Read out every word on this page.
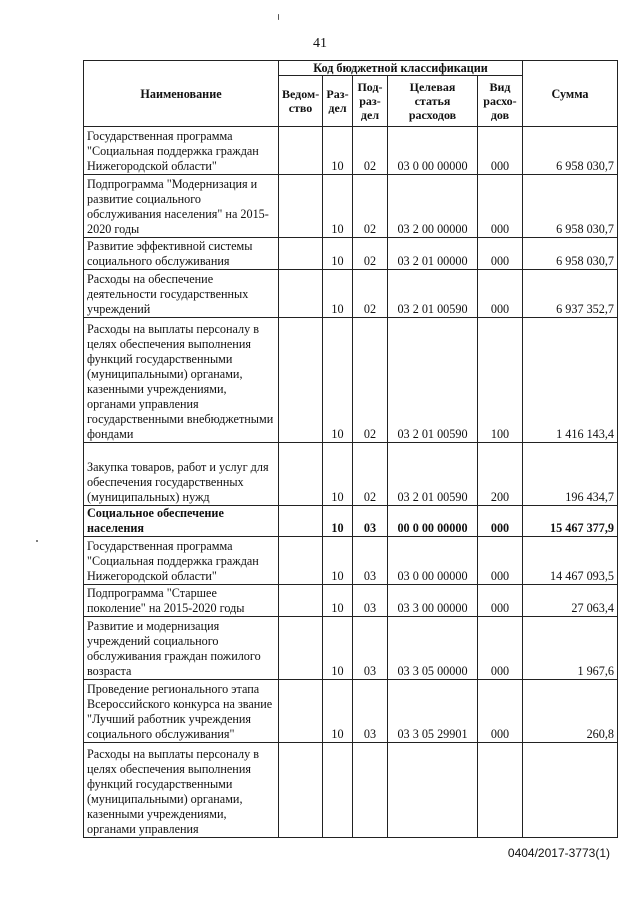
41
Наименование	Код бюджетной классификации					Сумма
	Ведом-ство	Раз-дел	Под-раз-дел	Целевая статья расходов	Вид расхо-дов	
Государственная программа "Социальная поддержка граждан Нижегородской области"		10	02	03 0 00 00000	000	6 958 030,7
Подпрограмма "Модернизация и развитие социального обслуживания населения" на 2015-2020 годы		10	02	03 2 00 00000	000	6 958 030,7
Развитие эффективной системы социального обслуживания		10	02	03 2 01 00000	000	6 958 030,7
Расходы на обеспечение деятельности государственных учреждений		10	02	03 2 01 00590	000	6 937 352,7
Расходы на выплаты персоналу в целях обеспечения выполнения функций государственными (муниципальными) органами, казенными учреждениями, органами управления государственными внебюджетными фондами		10	02	03 2 01 00590	100	1 416 143,4
Закупка товаров, работ и услуг для обеспечения государственных (муниципальных) нужд		10	02	03 2 01 00590	200	196 434,7
Социальное обеспечение населения		10	03	00 0 00 00000	000	15 467 377,9
Государственная программа "Социальная поддержка граждан Нижегородской области"		10	03	03 0 00 00000	000	14 467 093,5
Подпрограмма "Старшее поколение" на 2015-2020 годы		10	03	03 3 00 00000	000	27 063,4
Развитие и модернизация учреждений социального обслуживания граждан пожилого возраста		10	03	03 3 05 00000	000	1 967,6
Проведение регионального этапа Всероссийского конкурса на звание "Лучший работник учреждения социального обслуживания"		10	03	03 3 05 29901	000	260,8
Расходы на выплаты персоналу в целях обеспечения выполнения функций государственными (муниципальными) органами, казенными учреждениями, органами управления						
0404/2017-3773(1)
